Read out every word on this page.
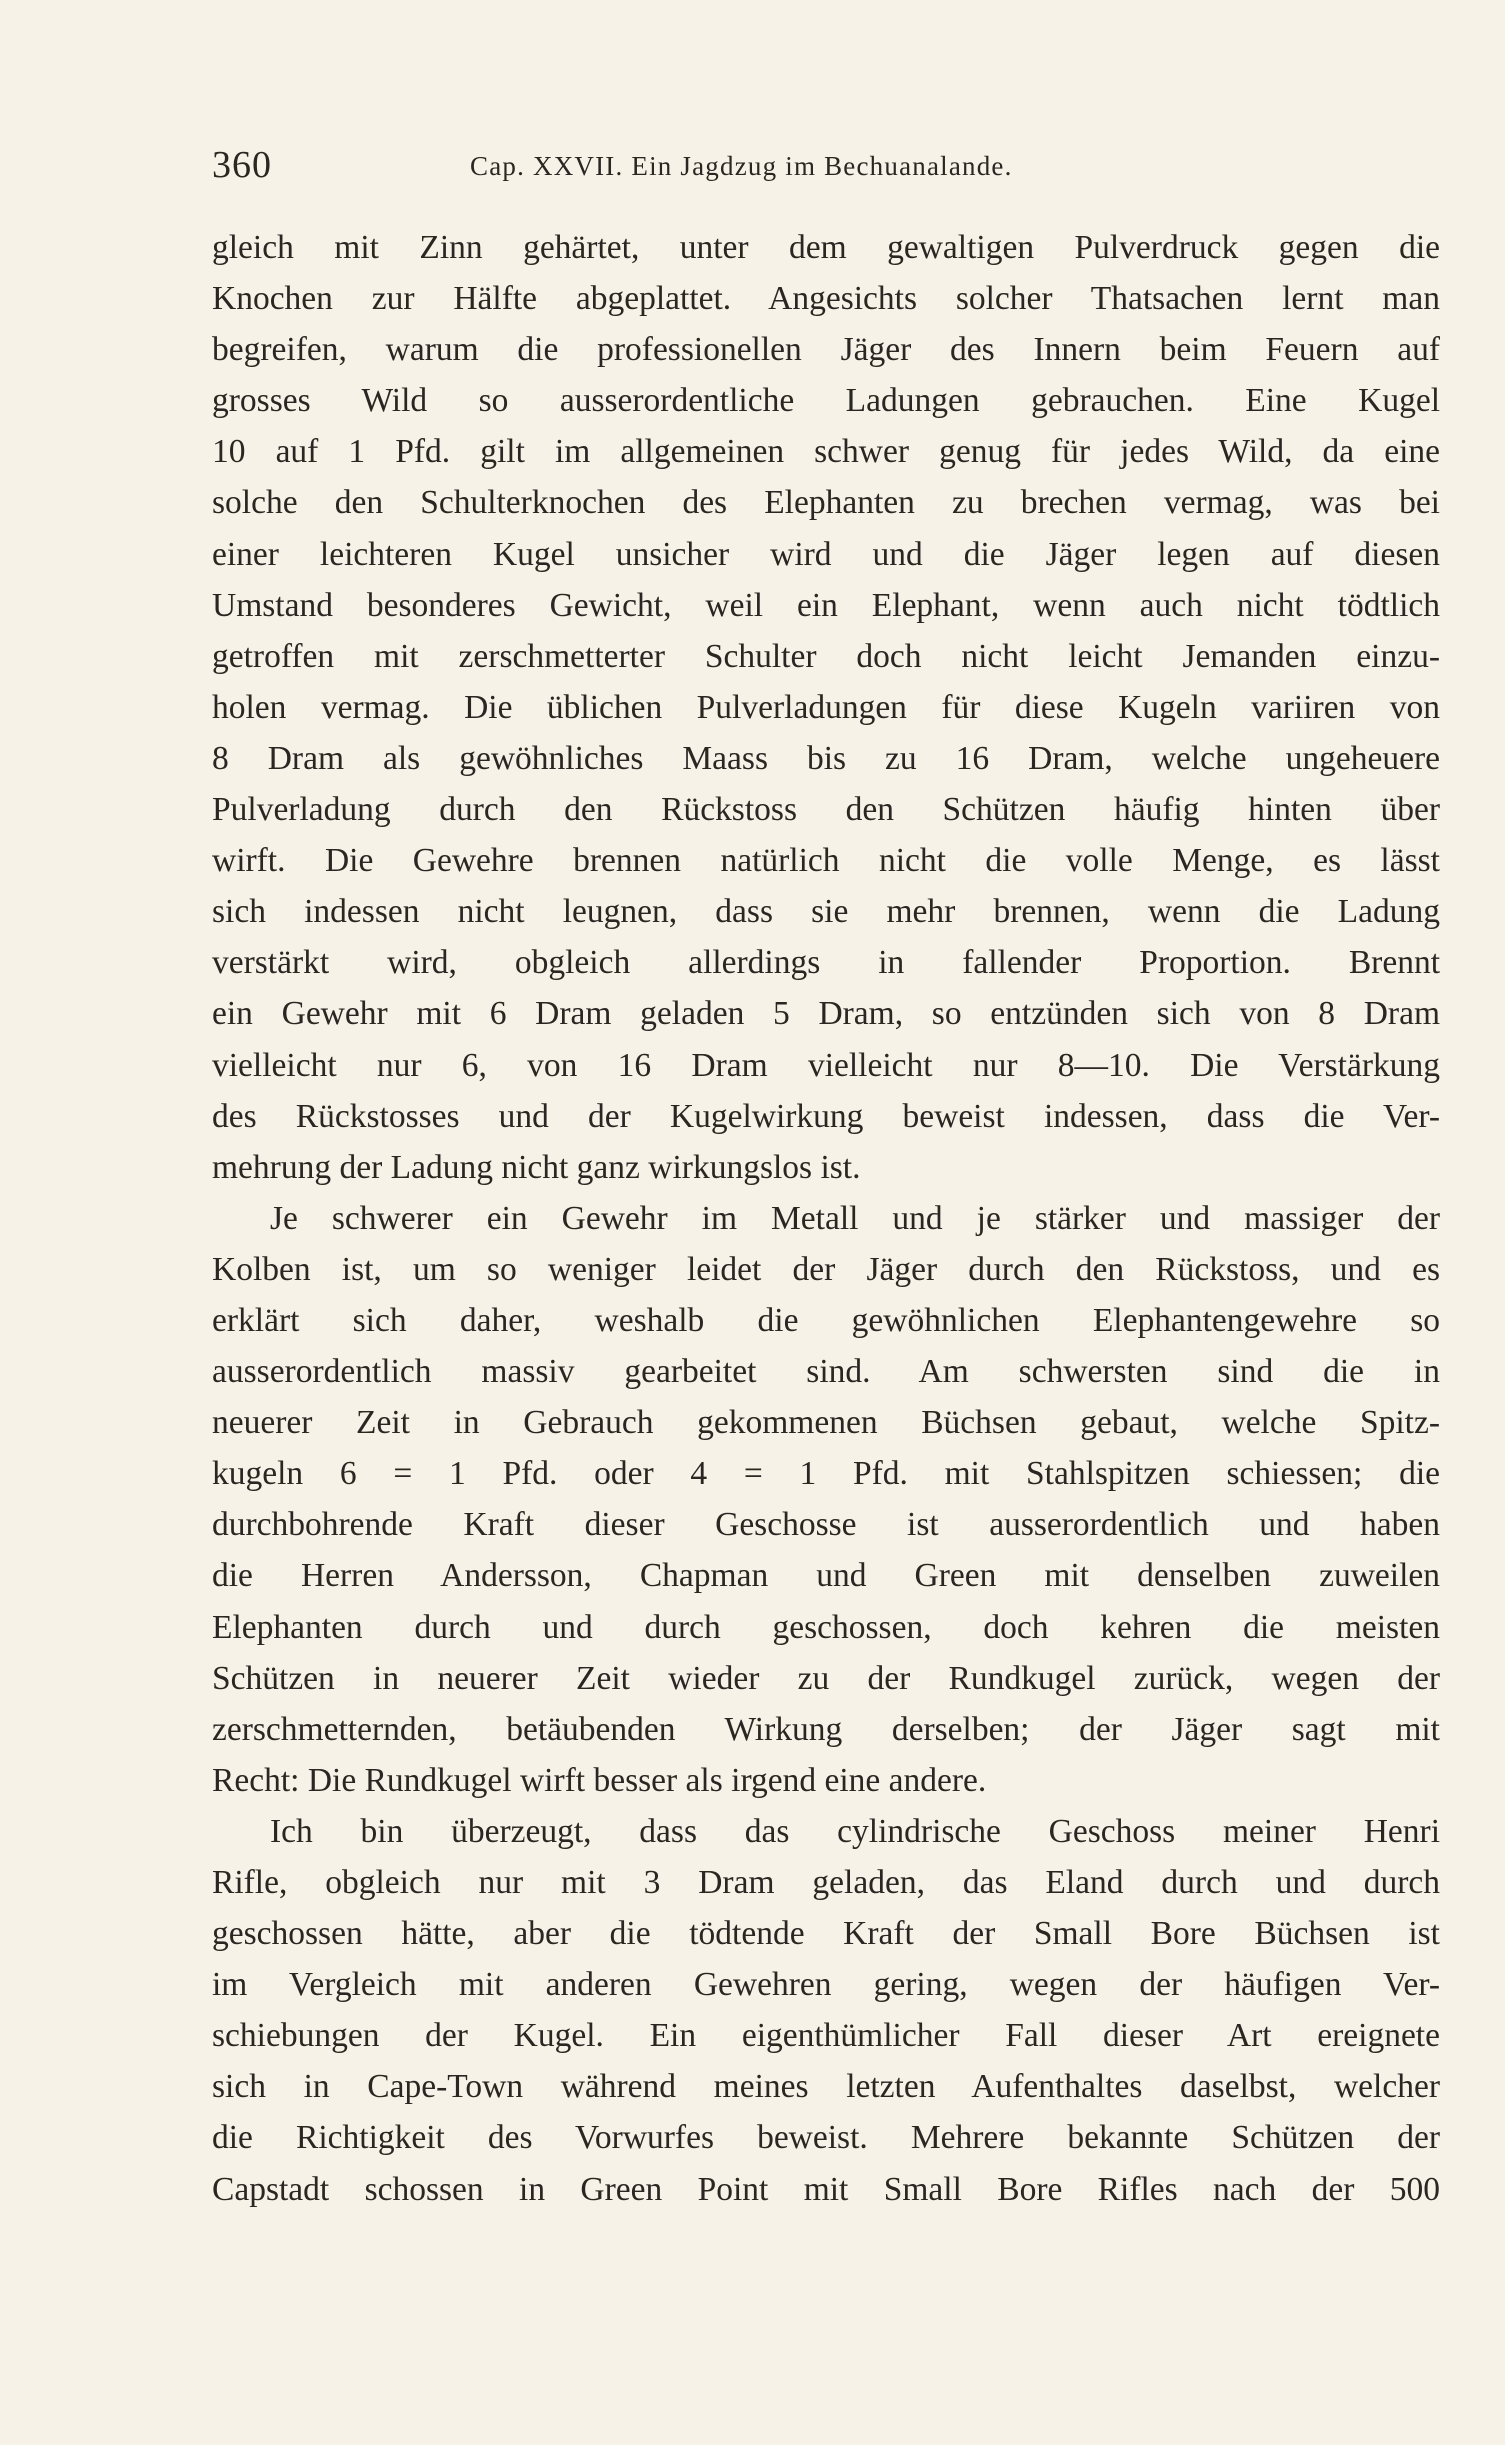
360	Cap. XXVII. Ein Jagdzug im Bechuanalande.
gleich mit Zinn gehärtet, unter dem gewaltigen Pulverdruck gegen die
Knochen zur Hälfte abgeplattet. Angesichts solcher Thatsachen lernt man
begreifen, warum die professionellen Jäger des Innern beim Feuern auf
grosses Wild so ausserordentliche Ladungen gebrauchen. Eine Kugel
10 auf 1 Pfd. gilt im allgemeinen schwer genug für jedes Wild, da eine
solche den Schulterknochen des Elephanten zu brechen vermag, was bei
einer leichteren Kugel unsicher wird und die Jäger legen auf diesen
Umstand besonderes Gewicht, weil ein Elephant, wenn auch nicht tödtlich
getroffen mit zerschmetterter Schulter doch nicht leicht Jemanden einzu-
holen vermag. Die üblichen Pulverladungen für diese Kugeln variiren von
8 Dram als gewöhnliches Maass bis zu 16 Dram, welche ungeheuere
Pulverladung durch den Rückstoss den Schützen häufig hinten über
wirft. Die Gewehre brennen natürlich nicht die volle Menge, es lässt
sich indessen nicht leugnen, dass sie mehr brennen, wenn die Ladung
verstärkt wird, obgleich allerdings in fallender Proportion. Brennt
ein Gewehr mit 6 Dram geladen 5 Dram, so entzünden sich von 8 Dram
vielleicht nur 6, von 16 Dram vielleicht nur 8—10. Die Verstärkung
des Rückstosses und der Kugelwirkung beweist indessen, dass die Ver-
mehrung der Ladung nicht ganz wirkungslos ist.
Je schwerer ein Gewehr im Metall und je stärker und massiger der
Kolben ist, um so weniger leidet der Jäger durch den Rückstoss, und es
erklärt sich daher, weshalb die gewöhnlichen Elephantengewehre so
ausserordentlich massiv gearbeitet sind. Am schwersten sind die in
neuerer Zeit in Gebrauch gekommenen Büchsen gebaut, welche Spitz-
kugeln 6 = 1 Pfd. oder 4 = 1 Pfd. mit Stahlspitzen schiessen; die
durchbohrende Kraft dieser Geschosse ist ausserordentlich und haben
die Herren Andersson, Chapman und Green mit denselben zuweilen
Elephanten durch und durch geschossen, doch kehren die meisten
Schützen in neuerer Zeit wieder zu der Rundkugel zurück, wegen der
zerschmetternden, betäubenden Wirkung derselben; der Jäger sagt mit
Recht: Die Rundkugel wirft besser als irgend eine andere.
Ich bin überzeugt, dass das cylindrische Geschoss meiner Henri
Rifle, obgleich nur mit 3 Dram geladen, das Eland durch und durch
geschossen hätte, aber die tödtende Kraft der Small Bore Büchsen ist
im Vergleich mit anderen Gewehren gering, wegen der häufigen Ver-
schiebungen der Kugel. Ein eigenthümlicher Fall dieser Art ereignete
sich in Cape-Town während meines letzten Aufenthaltes daselbst, welcher
die Richtigkeit des Vorwurfes beweist. Mehrere bekannte Schützen der
Capstadt schossen in Green Point mit Small Bore Rifles nach der 500
